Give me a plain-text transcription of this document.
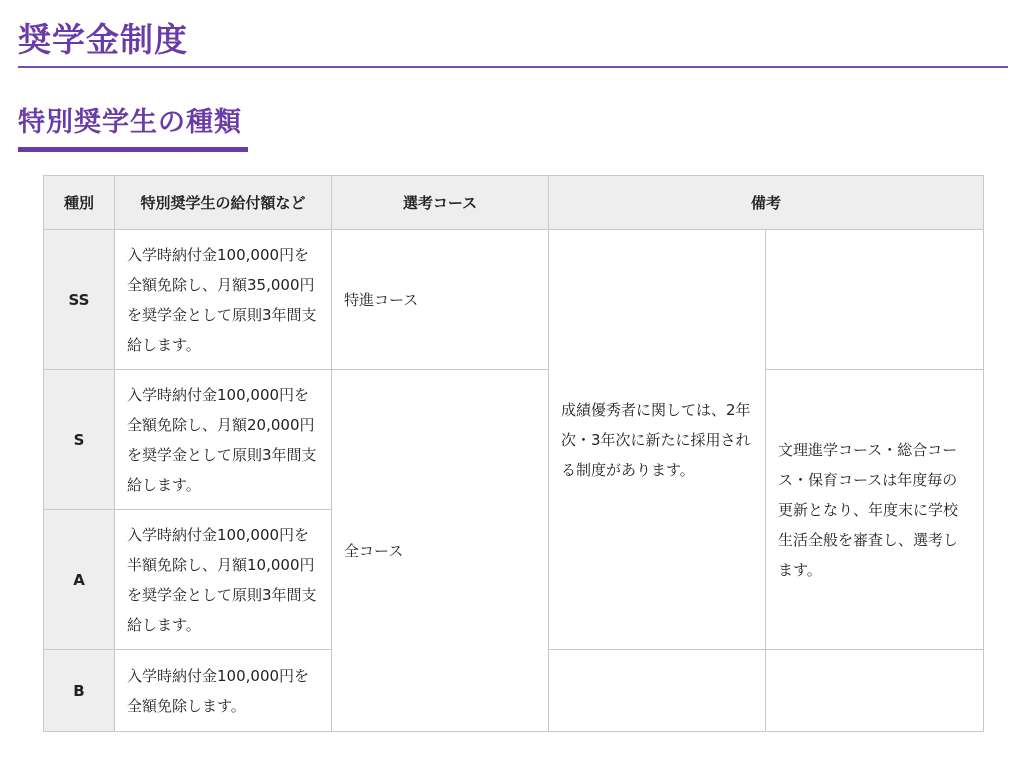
奨学金制度
特別奨学生の種類
種別	特別奨学生の給付額など	選考コース	備考	
SS	入学時納付金100,000円を全額免除し、月額35,000円を奨学金として原則3年間支給します。	特進コース	成績優秀者に関しては、2年次・3年次に新たに採用される制度があります。	
S	入学時納付金100,000円を全額免除し、月額20,000円を奨学金として原則3年間支給します。	全コース		文理進学コース・総合コース・保育コースは年度毎の更新となり、年度末に学校生活全般を審査し、選考します。
A	入学時納付金100,000円を半額免除し、月額10,000円を奨学金として原則3年間支給します。			
B	入学時納付金100,000円を全額免除します。			
